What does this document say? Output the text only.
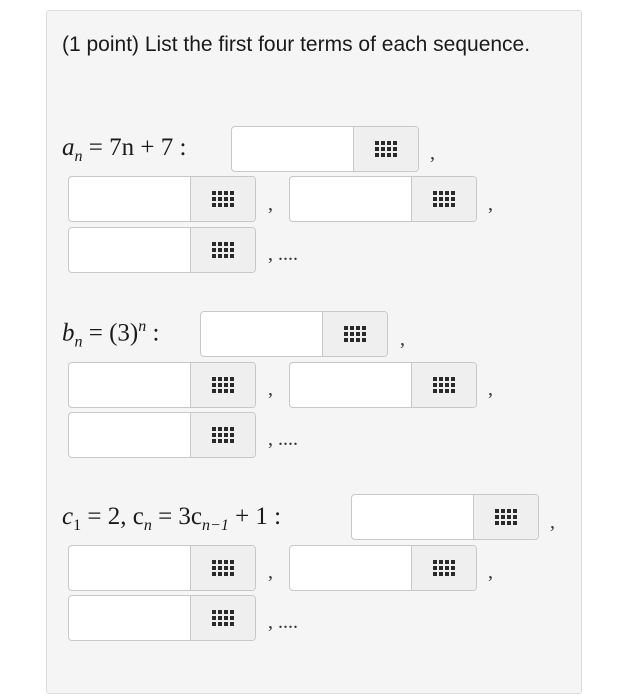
(1 point) List the first four terms of each sequence.
$a_n = 7n + 7$ :	,
,	,
, ....
$b_n = (3)^n$ :	,
,	,
, ....
$c_1 = 2$, $c_n = 3c_{n-1} + 1$ :	,
,	,
, ....
